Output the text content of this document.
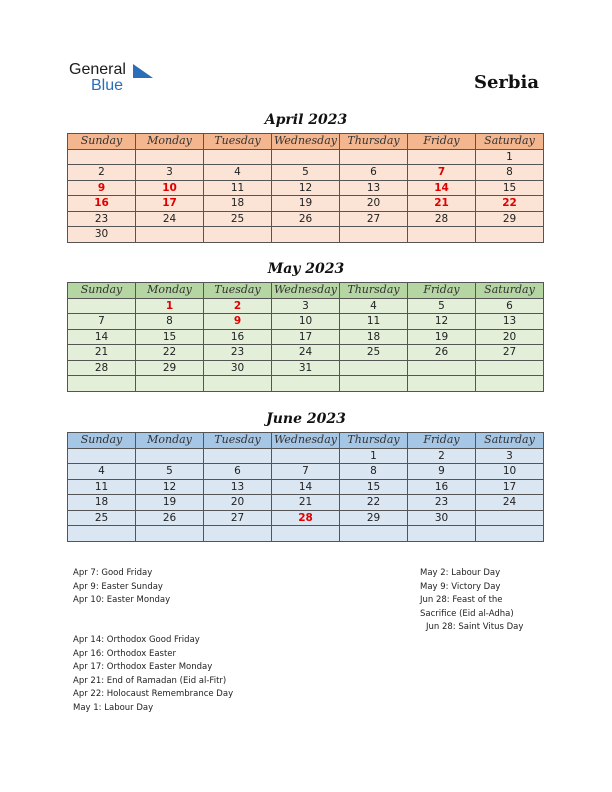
General
Blue	Serbia
April 2023
Sunday	Monday	Tuesday	Wednesday	Thursday	Friday	Saturday
						1
2	3	4	5	6	7	8
9	10	11	12	13	14	15
16	17	18	19	20	21	22
23	24	25	26	27	28	29
30						
May 2023
Sunday	Monday	Tuesday	Wednesday	Thursday	Friday	Saturday
	1	2	3	4	5	6
7	8	9	10	11	12	13
14	15	16	17	18	19	20
21	22	23	24	25	26	27
28	29	30	31			

June 2023
Sunday	Monday	Tuesday	Wednesday	Thursday	Friday	Saturday
				1	2	3
4	5	6	7	8	9	10
11	12	13	14	15	16	17
18	19	20	21	22	23	24
25	26	27	28	29	30	

Apr 7: Good Friday
Apr 9: Easter Sunday
Apr 10: Easter Monday
Apr 14: Orthodox Good Friday
Apr 16: Orthodox Easter
Apr 17: Orthodox Easter Monday
Apr 21: End of Ramadan (Eid al-Fitr)
Apr 22: Holocaust Remembrance Day
May 1: Labour Day
May 2: Labour Day
May 9: Victory Day
Jun 28: Feast of the
Sacrifice (Eid al-Adha)
Jun 28: Saint Vitus Day
